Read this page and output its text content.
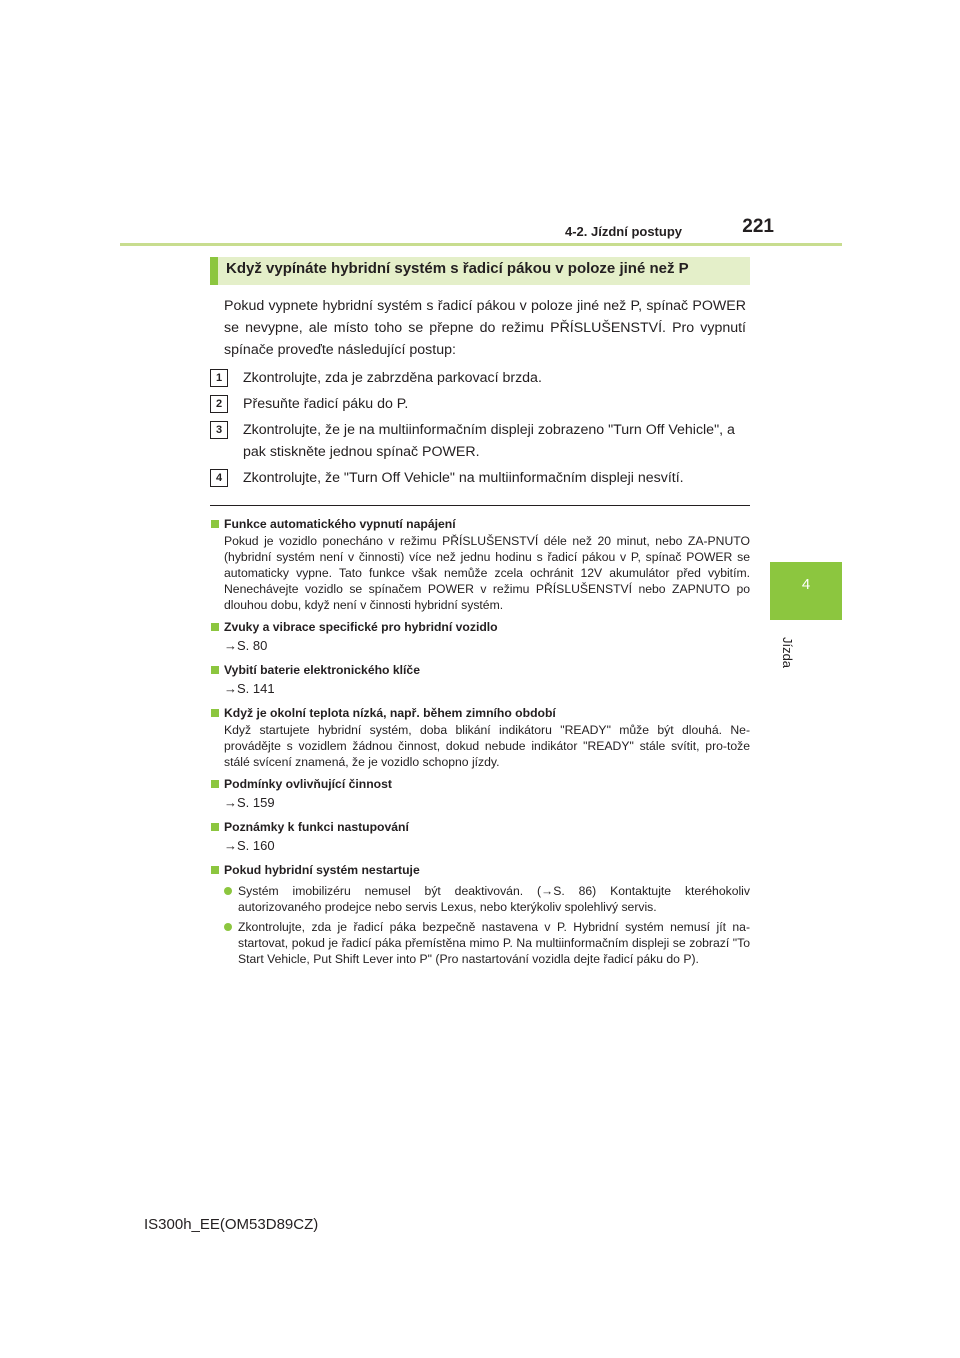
4-2. Jízdní postupy	221
4
Jízda
Když vypínáte hybridní systém s řadicí pákou v poloze jiné než P
Pokud vypnete hybridní systém s řadicí pákou v poloze jiné než P, spínač POWER se nevypne, ale místo toho se přepne do režimu PŘÍSLUŠENSTVÍ. Pro vypnutí spínače proveďte následující postup:
1	Zkontrolujte, zda je zabrzděna parkovací brzda.
2	Přesuňte řadicí páku do P.
3	Zkontrolujte, že je na multiinformačním displeji zobrazeno "Turn Off Vehicle", a pak stiskněte jednou spínač POWER.
4	Zkontrolujte, že "Turn Off Vehicle" na multiinformačním displeji nesvítí.
Funkce automatického vypnutí napájení
Pokud je vozidlo ponecháno v režimu PŘÍSLUŠENSTVÍ déle než 20 minut, nebo ZA-PNUTO (hybridní systém není v činnosti) více než jednu hodinu s řadicí pákou v P, spínač POWER se automaticky vypne. Tato funkce však nemůže zcela ochránit 12V akumulátor před vybitím. Nenechávejte vozidlo se spínačem POWER v režimu PŘÍSLUŠENSTVÍ nebo ZAPNUTO po dlouhou dobu, když není v činnosti hybridní systém.
Zvuky a vibrace specifické pro hybridní vozidlo
→S. 80
Vybití baterie elektronického klíče
→S. 141
Když je okolní teplota nízká, např. během zimního období
Když startujete hybridní systém, doba blikání indikátoru "READY" může být dlouhá. Ne-provádějte s vozidlem žádnou činnost, dokud nebude indikátor "READY" stále svítit, pro-tože stálé svícení znamená, že je vozidlo schopno jízdy.
Podmínky ovlivňující činnost
→S. 159
Poznámky k funkci nastupování
→S. 160
Pokud hybridní systém nestartuje
Systém imobilizéru nemusel být deaktivován. (→S. 86) Kontaktujte kteréhokoliv autorizovaného prodejce nebo servis Lexus, nebo kterýkoliv spolehlivý servis.
Zkontrolujte, zda je řadicí páka bezpečně nastavena v P. Hybridní systém nemusí jít na-startovat, pokud je řadicí páka přemístěna mimo P. Na multiinformačním displeji se zobrazí "To Start Vehicle, Put Shift Lever into P" (Pro nastartování vozidla dejte řadicí páku do P).
IS300h_EE(OM53D89CZ)
